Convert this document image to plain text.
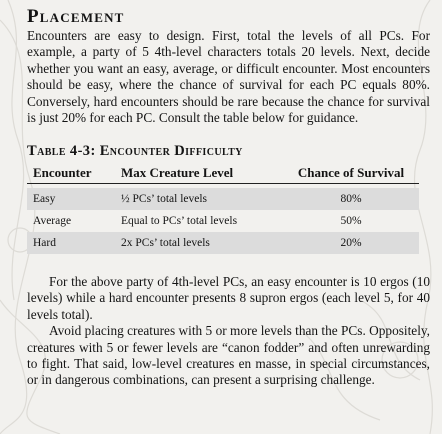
Placement

Encounters are easy to design. First, total the levels of all PCs. For example, a party of 5 4th-level characters totals 20 levels. Next, decide whether you want an easy, average, or difficult encounter. Most encounters should be easy, where the chance of survival for each PC equals 80%. Conversely, hard encounters should be rare because the chance for survival is just 20% for each PC. Consult the table below for guidance.

Table 4-3: Encounter Difficulty
Encounter	Max Creature Level	Chance of Survival

Easy	½ PCs’ total levels	80%
Average	Equal to PCs’ total levels	50%
Hard	2x PCs’ total levels	20%

For the above party of 4th-level PCs, an easy encounter is 10 ergos (10 levels) while a hard encounter presents 8 supron ergos (each level 5, for 40 levels total).

Avoid placing creatures with 5 or more levels than the PCs. Oppositely, creatures with 5 or fewer levels are “canon fodder” and often unrewarding to fight. That said, low-level creatures en masse, in special circumstances, or in dangerous combinations, can present a surprising challenge.
